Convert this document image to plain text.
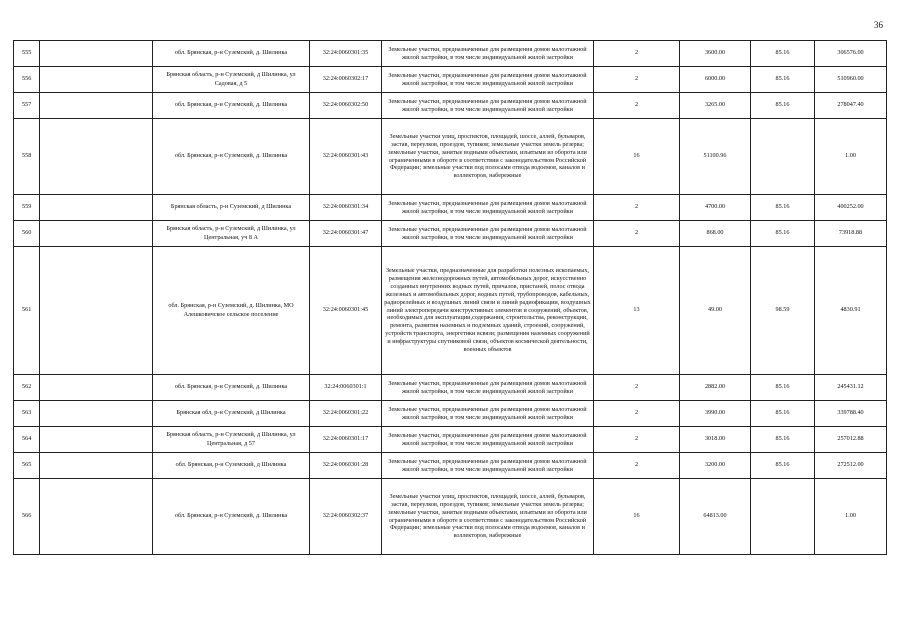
36
555		обл. Брянская, р-н Суземский, д. Шилинка	32:24:0060301:35	Земельные участки, предназначенные для размещения домов малоэтажной жилой застройки, в том числе индивидуальной жилой застройки	2	3600.00	85.16	306576.00
556		Брянская область, р-н Суземский, д Шилинка, ул Садовая, д 5	32:24:0060302:17	Земельные участки, предназначенные для размещения домов малоэтажной жилой застройки, в том числе индивидуальной жилой застройки	2	6000.00	85.16	510960.00
557		обл. Брянская, р-н Суземский, д. Шилинка	32:24:0060302:50	Земельные участки, предназначенные для размещения домов малоэтажной жилой застройки, в том числе индивидуальной жилой застройки	2	3265.00	85.16	278047.40
558		обл. Брянская, р-н Суземский, д. Шилинка	32:24:0060301:43	Земельные участки улиц, проспектов, площадей, шоссе, аллей, бульваров, застав, переулков, проездов, тупиков; земельные участки земель резерва; земельные участки, занятые водными объектами, изъятыми из оборота или ограниченными в обороте в соответствии с законодательством Российской Федерации; земельные участки под полосами отвода водоемов, каналов и коллекторов, набережные	16	51100.96		1.00
559		Брянская область, р-н Суземский, д Шилинка	32:24:0060301:34	Земельные участки, предназначенные для размещения домов малоэтажной жилой застройки, в том числе индивидуальной жилой застройки	2	4700.00	85.16	400252.00
560		Брянская область, р-н Суземский, д Шилинка, ул Центральная, уч 8 А	32:24:0060301:47	Земельные участки, предназначенные для размещения домов малоэтажной жилой застройки, в том числе индивидуальной жилой застройки	2	868.00	85.16	73918.88
561		обл. Брянская, р-н Суземский, д. Шилинка, МО Алешковичское сельское поселение	32:24:0060301:45	Земельные участки, предназначенные для разработки полезных ископаемых, размещения железнодорожных путей, автомобильных дорог, искусственно созданных внутренних водных путей, причалов, пристаней, полос отвода железных и автомобильных дорог, водных путей, трубопроводов, кабельных, радиорелейных и воздушных линий связи и линий радиофикации, воздушных линий электропередачи конструктивных элементов и сооружений, объектов, необходимых для эксплуатации,содержания, строительства, реконструкции, ремонта, развития наземных и подземных зданий, строений, сооружений, устройств транспорта, энергетики всвязи; размещения наземных сооружений и инфраструктуры спутниковой связи, объектов космической деятельности, военных объектов	13	49.00	98.59	4830.91
562		обл. Брянская, р-н Суземский, д. Шилинка	32:24:0060301:1	Земельные участки, предназначенные для размещения домов малоэтажной жилой застройки, в том числе индивидуальной жилой застройки	2	2882.00	85.16	245431.12
563		Брянская обл, р-н Суземский, д Шилинка	32:24:0060301:22	Земельные участки, предназначенные для размещения домов малоэтажной жилой застройки, в том числе индивидуальной жилой застройки	2	3990.00	85.16	339788.40
564		Брянская область, р-н Суземский, д Шилинка, ул Центральная, д 57	32:24:0060301:17	Земельные участки, предназначенные для размещения домов малоэтажной жилой застройки, в том числе индивидуальной жилой застройки	2	3018.00	85.16	257012.88
565		обл. Брянская, р-н Суземский, д Шилинка	32:24:0060301:28	Земельные участки, предназначенные для размещения домов малоэтажной жилой застройки, в том числе индивидуальной жилой застройки	2	3200.00	85.16	272512.00
566		обл. Брянская, р-н Суземский, д. Шилинка	32:24:0060302:37	Земельные участки улиц, проспектов, площадей, шоссе, аллей, бульваров, застав, переулков, проездов, тупиков; земельные участки земель резерва; земельные участки, занятые водными объектами, изъятыми из оборота или ограниченными в обороте в соответствии с законодательством Российской Федерации; земельные участки под полосами отвода водоемов, каналов и коллекторов, набережные	16	64813.00		1.00
